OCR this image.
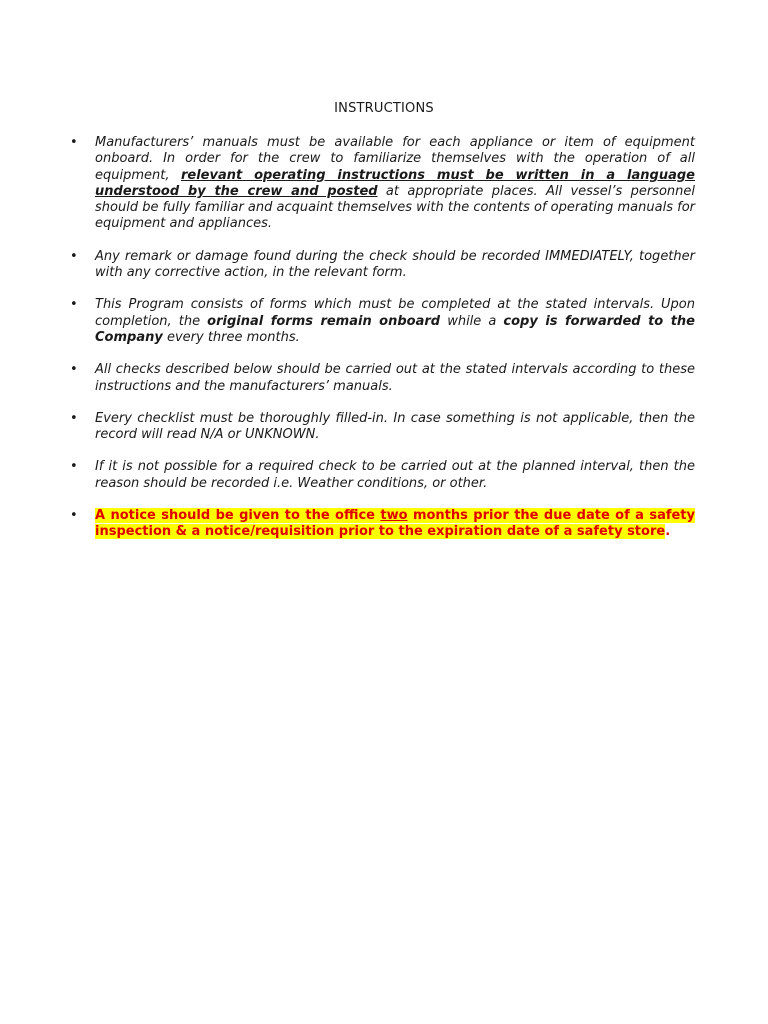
INSTRUCTIONS
• Manufacturers’ manuals must be available for each appliance or item of equipment onboard. In order for the crew to familiarize themselves with the operation of all equipment, relevant operating instructions must be written in a language understood by the crew and posted at appropriate places. All vessel’s personnel should be fully familiar and acquaint themselves with the contents of operating manuals for equipment and appliances.
• Any remark or damage found during the check should be recorded IMMEDIATELY, together with any corrective action, in the relevant form.
• This Program consists of forms which must be completed at the stated intervals. Upon completion, the original forms remain onboard while a copy is forwarded to the Company every three months.
• All checks described below should be carried out at the stated intervals according to these instructions and the manufacturers’ manuals.
• Every checklist must be thoroughly filled-in. In case something is not applicable, then the record will read N/A or UNKNOWN.
• If it is not possible for a required check to be carried out at the planned interval, then the reason should be recorded i.e. Weather conditions, or other.
• A notice should be given to the office two months prior the due date of a safety inspection & a notice/requisition prior to the expiration date of a safety store.
